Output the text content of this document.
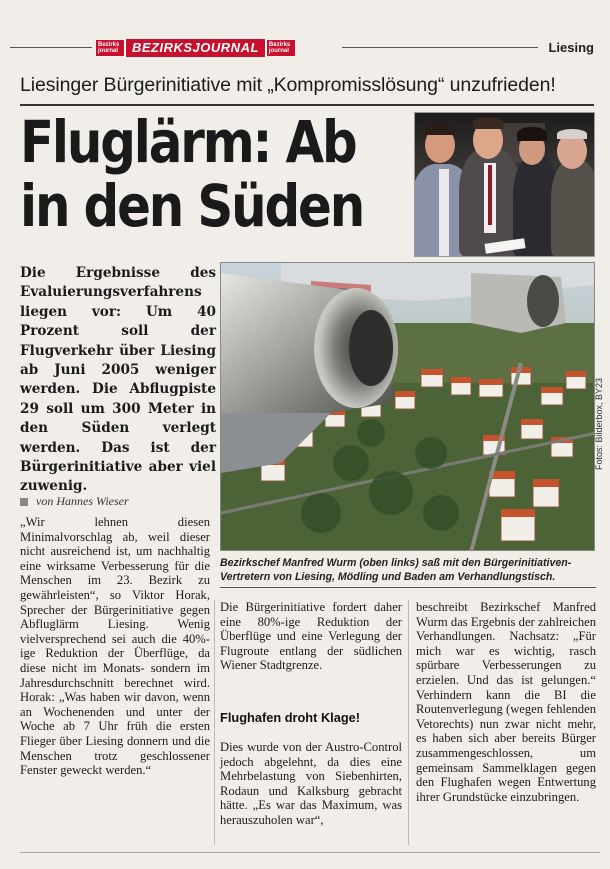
Bezirks journal	BEZIRKSJOURNAL	Bezirks journal	Liesing
Liesinger Bürgerinitiative mit „Kompromisslösung“ unzufrieden!
Fluglärm: Ab
in den Süden
Fotos: Bilderbox, BY23
Bezirkschef Manfred Wurm (oben links) saß mit den Bürgerinitiativen-Vertretern von Liesing, Mödling und Baden am Verhandlungstisch.
Die Ergebnisse des Evaluierungsverfahrens liegen vor: Um 40 Prozent soll der Flugverkehr über Liesing ab Juni 2005 weniger werden. Die Abflugpiste 29 soll um 300 Meter in den Süden verlegt werden. Das ist der Bürgerinitiative aber viel zuwenig.
von Hannes Wieser
„Wir lehnen diesen Minimalvorschlag ab, weil dieser nicht ausreichend ist, um nachhaltig eine wirksame Verbesserung für die Menschen im 23. Bezirk zu gewährleisten“, so Viktor Horak, Sprecher der Bürgerinitiative gegen Abfluglärm Liesing. Wenig vielversprechend sei auch die 40%-ige Reduktion der Überflüge, da diese nicht im Monats- sondern im Jahresdurchschnitt berechnet wird. Horak: „Was haben wir davon, wenn an Wochenenden und unter der Woche ab 7 Uhr früh die ersten Flieger über Liesing donnern und die Menschen trotz geschlossener Fenster geweckt werden.“
Die Bürgerinitiative fordert daher eine 80%-ige Reduktion der Überflüge und eine Verlegung der Flugroute entlang der südlichen Wiener Stadtgrenze.
Flughafen droht Klage!
Dies wurde von der Austro-Control jedoch abgelehnt, da dies eine Mehrbelastung von Siebenhirten, Rodaun und Kalksburg gebracht hätte. „Es war das Maximum, was herauszuholen war“,
beschreibt Bezirkschef Manfred Wurm das Ergebnis der zahlreichen Verhandlungen. Nachsatz: „Für mich war es wichtig, rasch spürbare Verbesserungen zu erzielen. Und das ist gelungen.“ Verhindern kann die BI die Routenverlegung (wegen fehlenden Vetorechts) nun zwar nicht mehr, es haben sich aber bereits Bürger zusammengeschlossen, um gemeinsam Sammelklagen gegen den Flughafen wegen Entwertung ihrer Grundstücke einzubringen.
